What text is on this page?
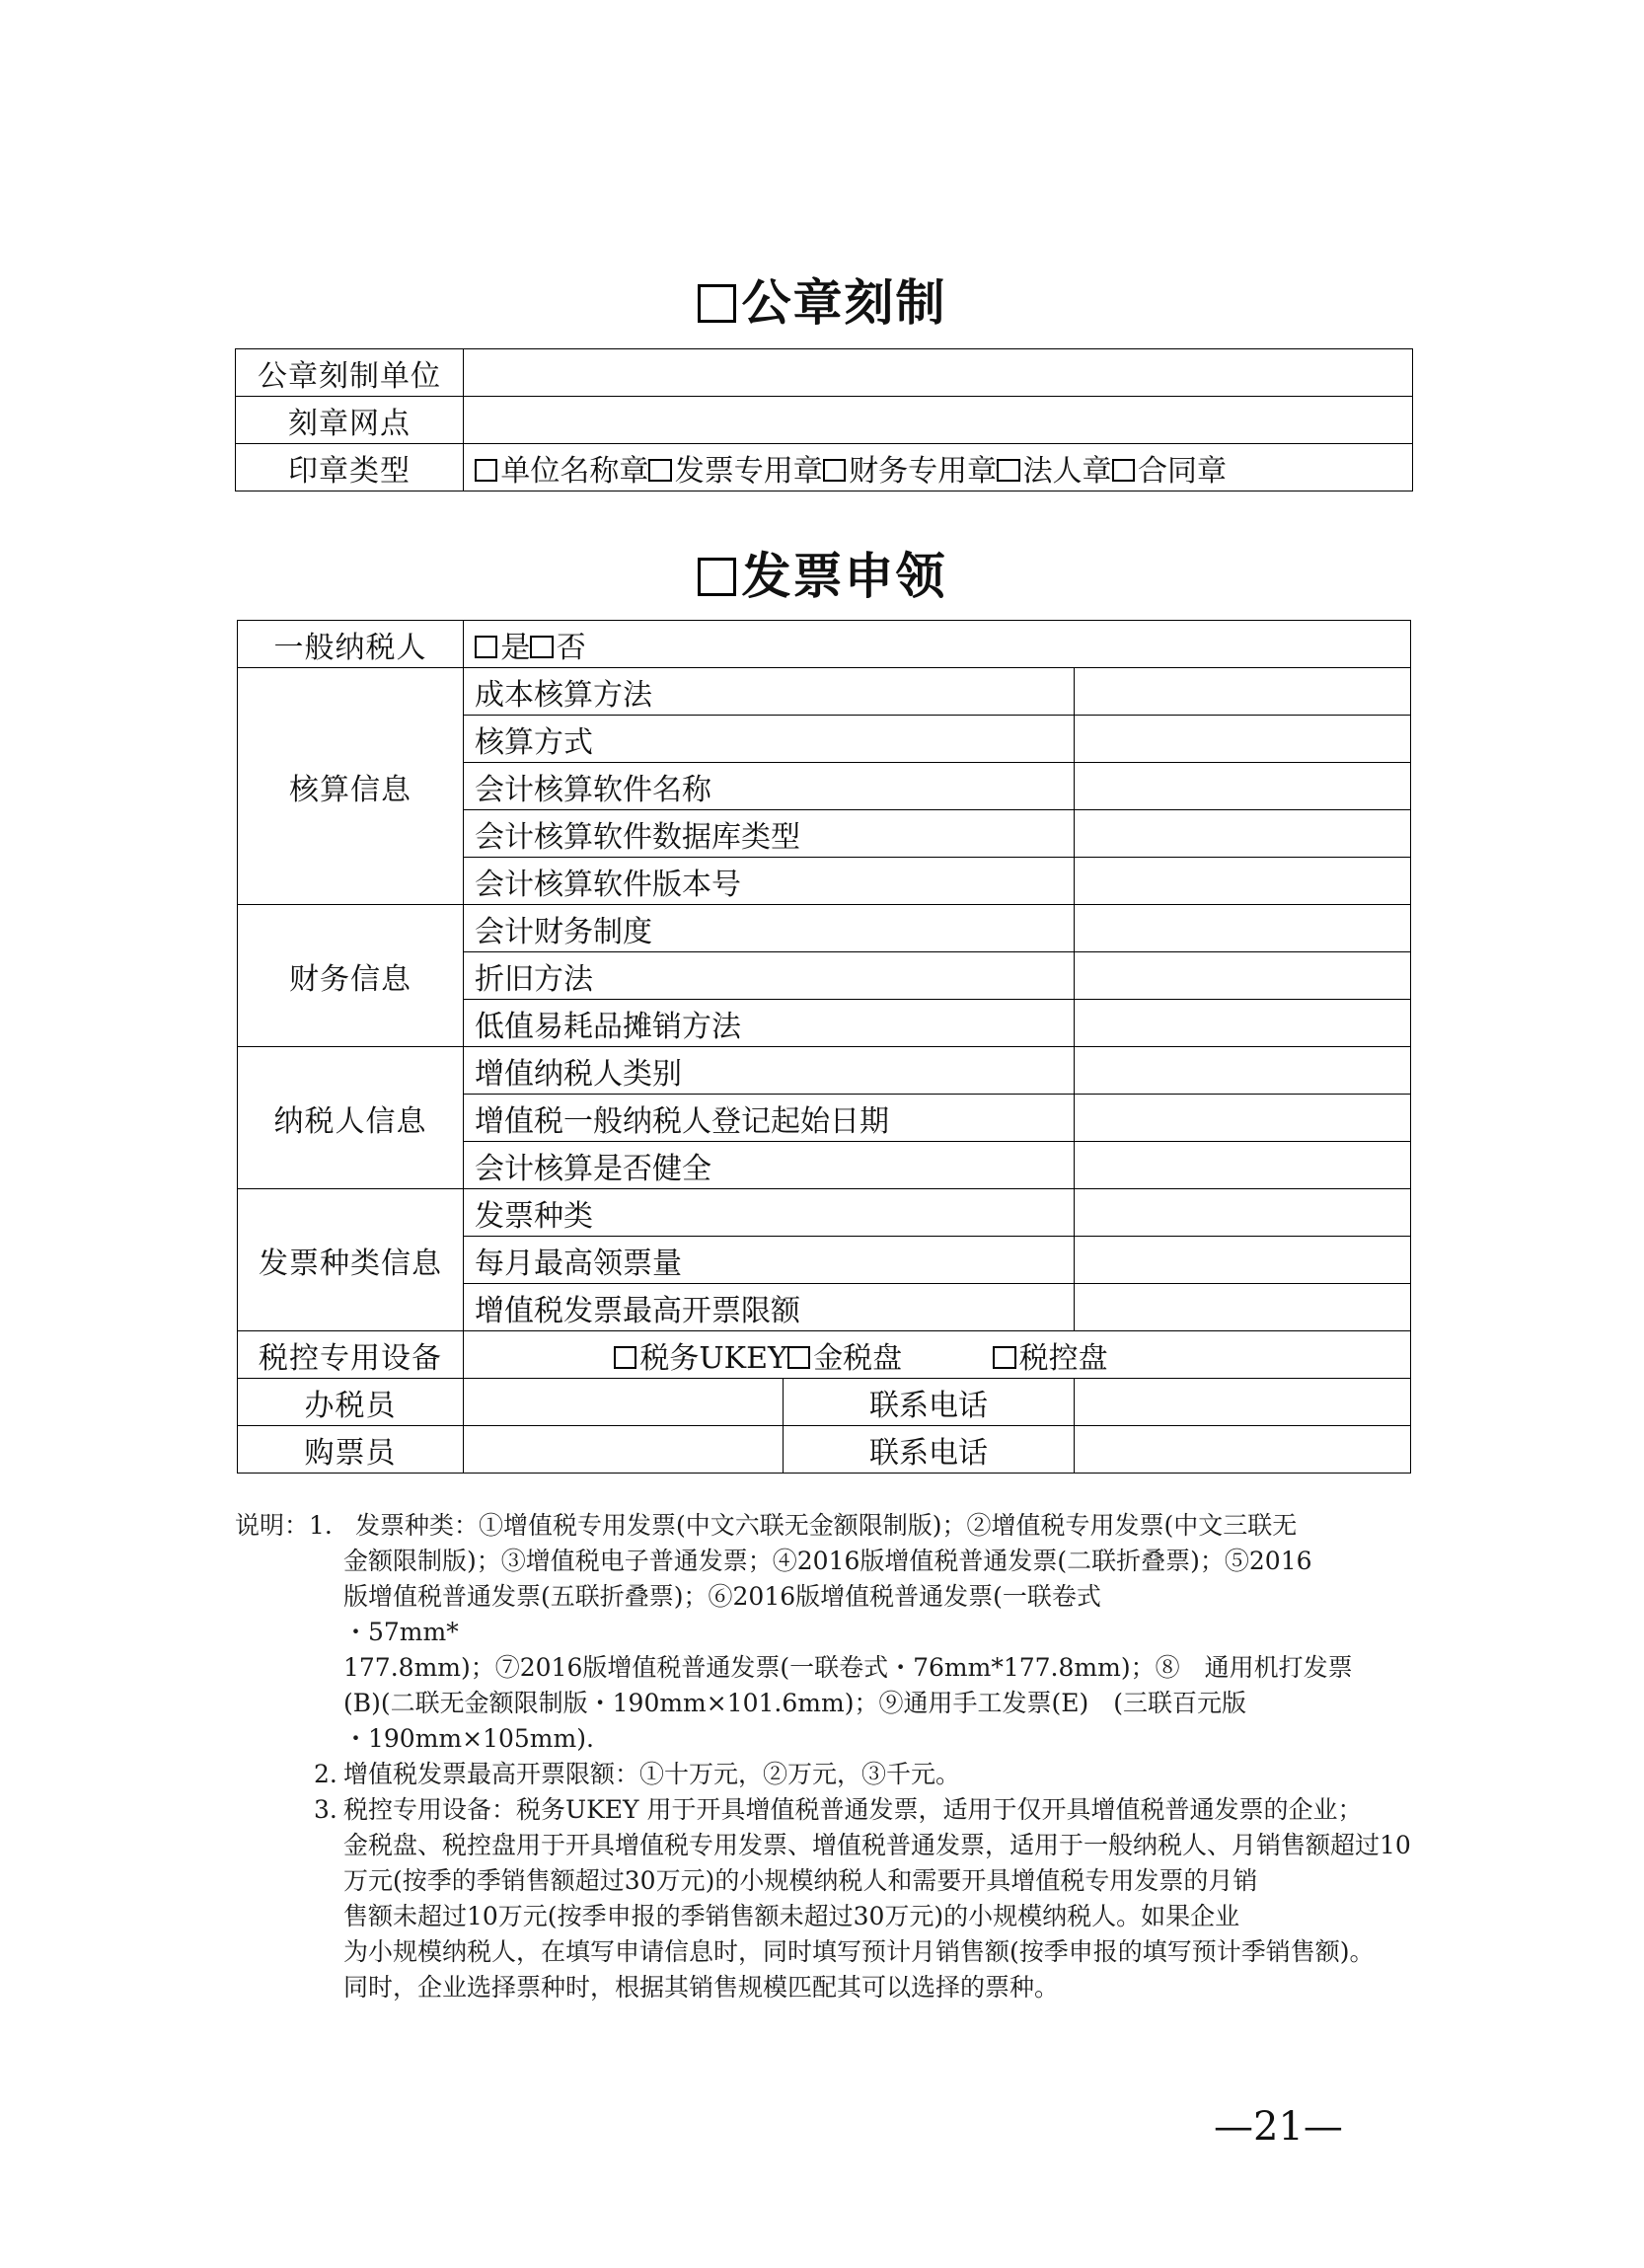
公章刻制
公章刻制单位	
刻章网点	
印章类型	单位名称章 发票专用章 财务专用章 法人章 合同章
发票申领
一般纳税人	是 否		
核算信息	成本核算方法		
	核算方式		
	会计核算软件名称		
	会计核算软件数据库类型		
	会计核算软件版本号		
财务信息	会计财务制度		
	折旧方法		
	低值易耗品摊销方法		
纳税人信息	增值纳税人类别		
	增值税一般纳税人登记起始日期		
	会计核算是否健全		
发票种类信息	发票种类		
	每月最高领票量		
	增值税发票最高开票限额		
税控专用设备	税务UKEY 金税盘 税控盘		
办税员		联系电话	
购票员		联系电话	
说明：1. 发票种类：①增值税专用发票(中文六联无金额限制版)；②增值税专用发票(中文三联无
金额限制版)；③增值税电子普通发票；④2016版增值税普通发票(二联折叠票)；⑤2016
版增值税普通发票(五联折叠票)；⑥2016版增值税普通发票(一联卷式
・57mm*
177.8mm)；⑦2016版增值税普通发票(一联卷式・76mm*177.8mm)；⑧　通用机打发票
(B)(二联无金额限制版・190mm×101.6mm)；⑨通用手工发票(E)　(三联百元版
・190mm×105mm).
2. 增值税发票最高开票限额：①十万元，②万元，③千元。
3. 税控专用设备：税务UKEY 用于开具增值税普通发票，适用于仅开具增值税普通发票的企业；
金税盘、税控盘用于开具增值税专用发票、增值税普通发票，适用于一般纳税人、月销售额超过10
万元(按季的季销售额超过30万元)的小规模纳税人和需要开具增值税专用发票的月销
售额未超过10万元(按季申报的季销售额未超过30万元)的小规模纳税人。如果企业
为小规模纳税人，在填写申请信息时，同时填写预计月销售额(按季申报的填写预计季销售额)。
同时，企业选择票种时，根据其销售规模匹配其可以选择的票种。
—21—
